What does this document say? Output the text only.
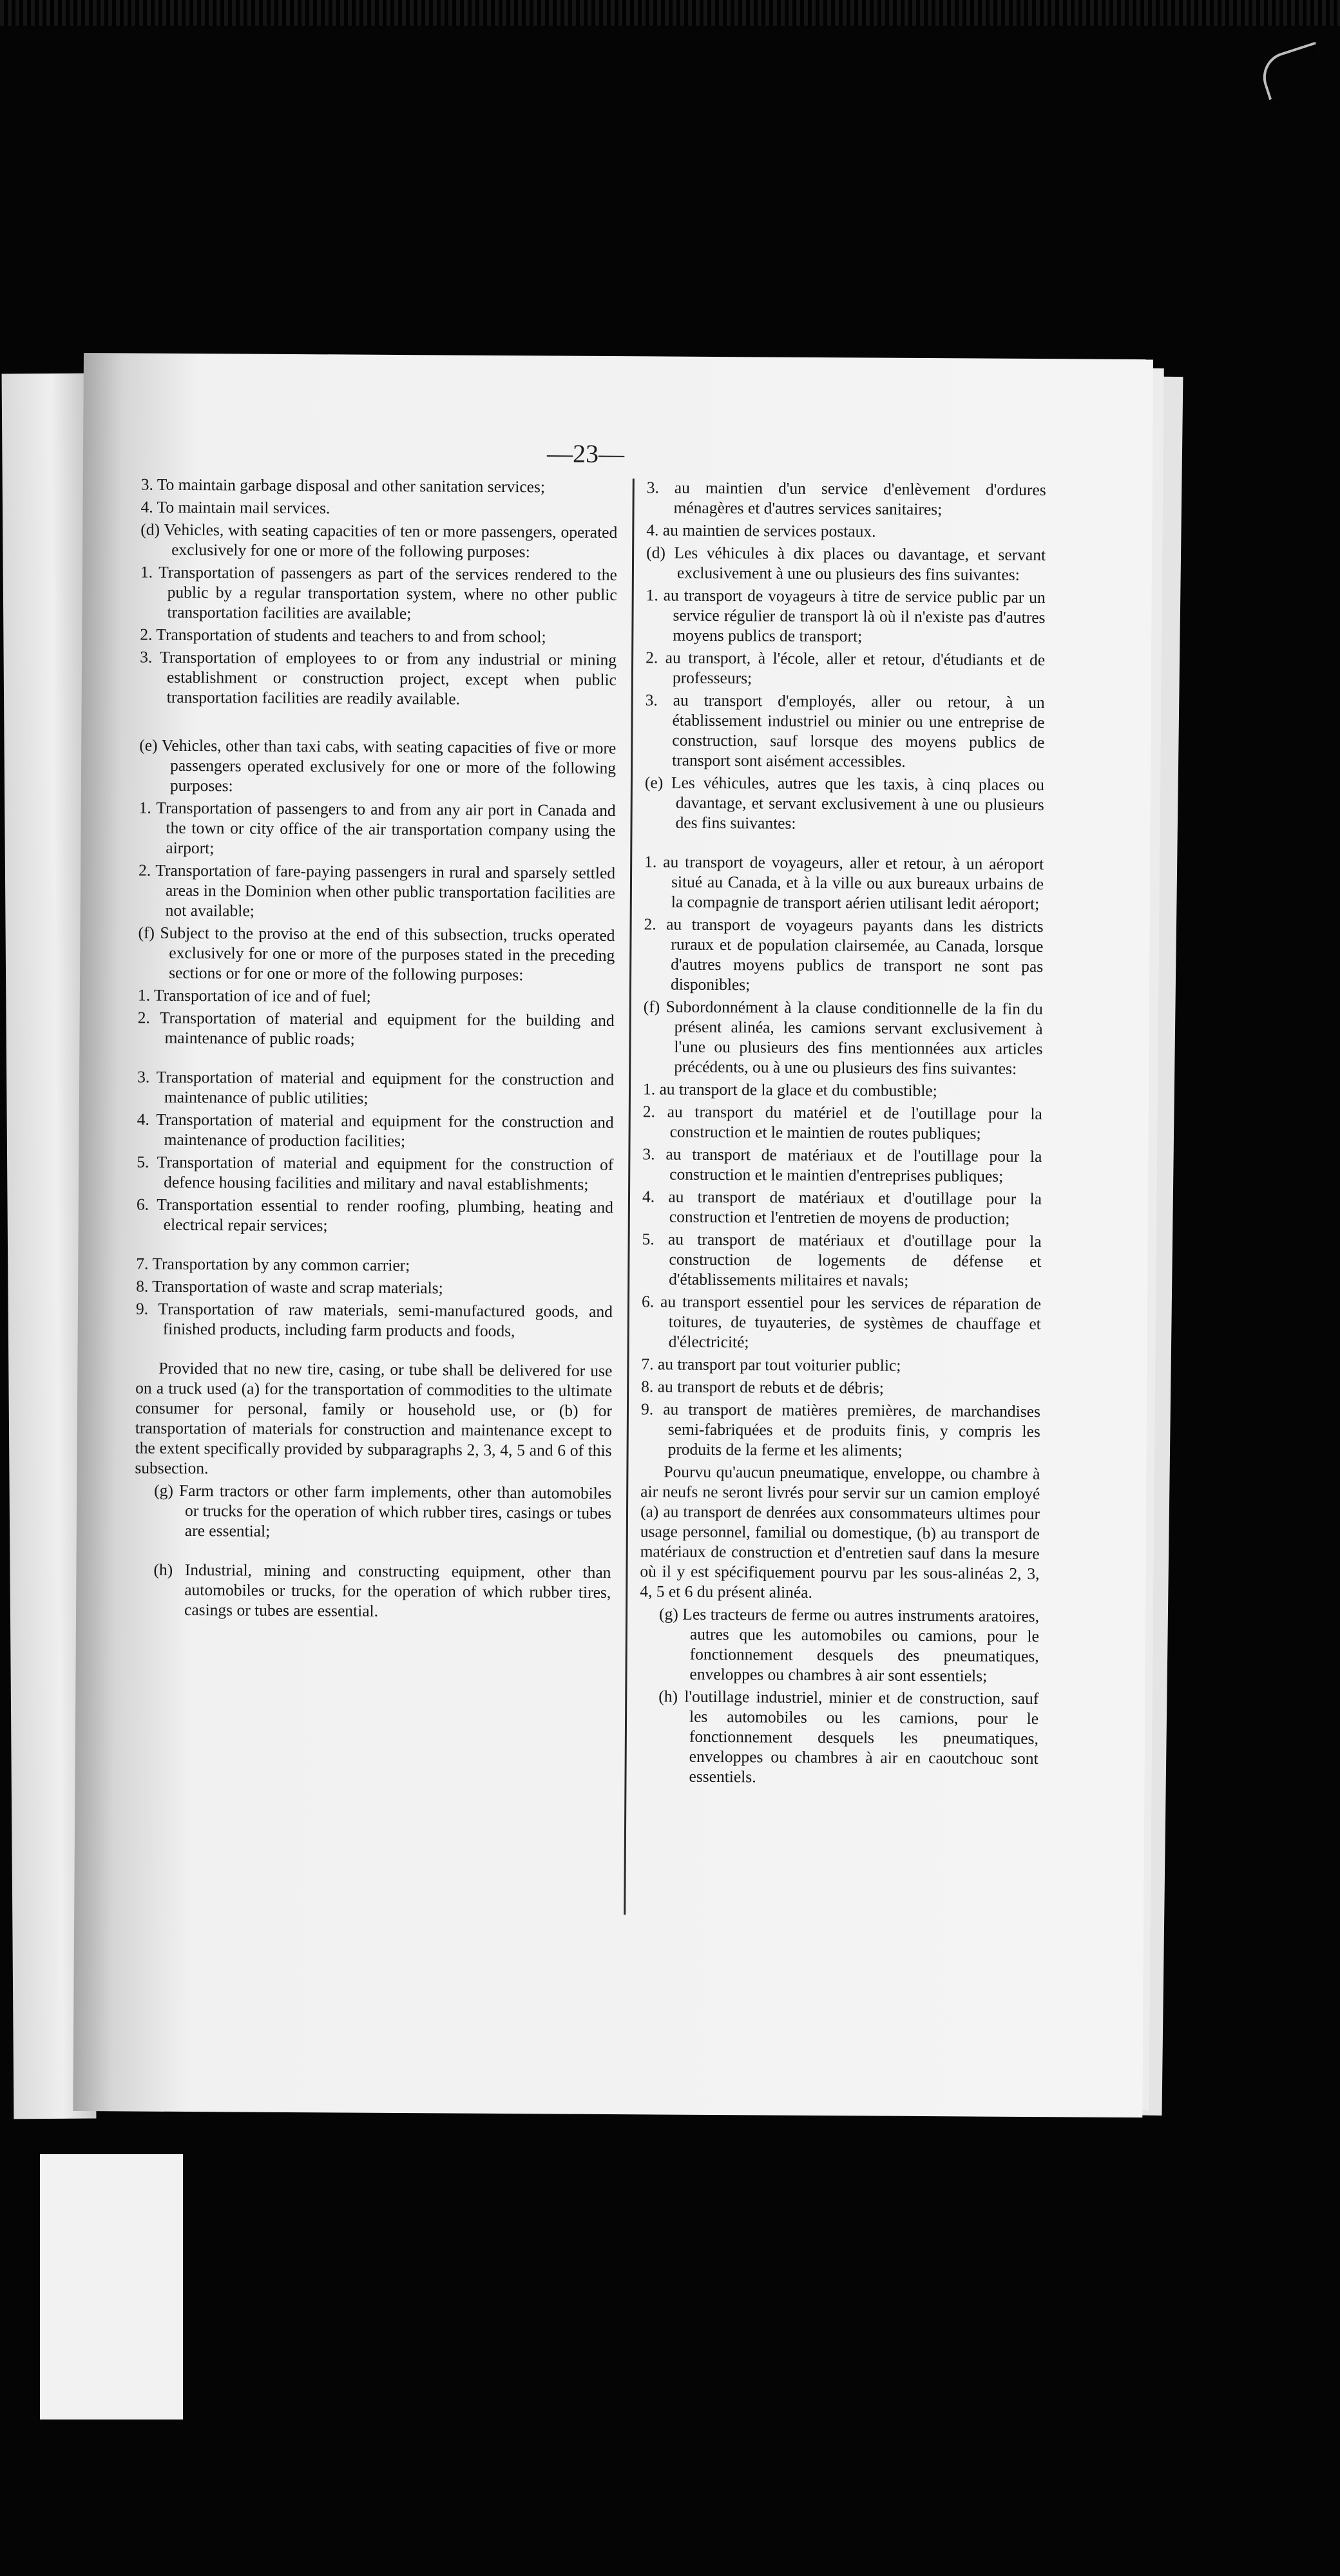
—23—
3. To maintain garbage disposal and other sanitation services;
4. To maintain mail services.
(d) Vehicles, with seating capacities of ten or more passengers, operated exclusively for one or more of the following purposes:
1. Transportation of passengers as part of the services rendered to the public by a regular transportation system, where no other public transportation facilities are available;
2. Transportation of students and teachers to and from school;
3. Transportation of employees to or from any industrial or mining establishment or construction project, except when public transportation facilities are readily available.
(e) Vehicles, other than taxi cabs, with seating capacities of five or more passengers operated exclusively for one or more of the following purposes:
1. Transportation of passengers to and from any air port in Canada and the town or city office of the air transportation company using the airport;
2. Transportation of fare-paying passengers in rural and sparsely settled areas in the Dominion when other public transportation facilities are not available;
(f) Subject to the proviso at the end of this subsection, trucks operated exclusively for one or more of the purposes stated in the preceding sections or for one or more of the following purposes:
1. Transportation of ice and of fuel;
2. Transportation of material and equipment for the building and maintenance of public roads;
3. Transportation of material and equipment for the construction and maintenance of public utilities;
4. Transportation of material and equipment for the construction and maintenance of production facilities;
5. Transportation of material and equipment for the construction of defence housing facilities and military and naval establishments;
6. Transportation essential to render roofing, plumbing, heating and electrical repair services;
7. Transportation by any common carrier;
8. Transportation of waste and scrap materials;
9. Transportation of raw materials, semi-manufactured goods, and finished products, including farm products and foods,
Provided that no new tire, casing, or tube shall be delivered for use on a truck used (a) for the transportation of commodities to the ultimate consumer for personal, family or household use, or (b) for transportation of materials for construction and maintenance except to the extent specifically provided by subparagraphs 2, 3, 4, 5 and 6 of this subsection.
(g) Farm tractors or other farm implements, other than automobiles or trucks for the operation of which rubber tires, casings or tubes are essential;
(h) Industrial, mining and constructing equipment, other than automobiles or trucks, for the operation of which rubber tires, casings or tubes are essential.
3. au maintien d'un service d'enlèvement d'ordures ménagères et d'autres services sanitaires;
4. au maintien de services postaux.
(d) Les véhicules à dix places ou davantage, et servant exclusivement à une ou plusieurs des fins suivantes:
1. au transport de voyageurs à titre de service public par un service régulier de transport là où il n'existe pas d'autres moyens publics de transport;
2. au transport, à l'école, aller et retour, d'étudiants et de professeurs;
3. au transport d'employés, aller ou retour, à un établissement industriel ou minier ou une entreprise de construction, sauf lorsque des moyens publics de transport sont aisément accessibles.
(e) Les véhicules, autres que les taxis, à cinq places ou davantage, et servant exclusivement à une ou plusieurs des fins suivantes:
1. au transport de voyageurs, aller et retour, à un aéroport situé au Canada, et à la ville ou aux bureaux urbains de la compagnie de transport aérien utilisant ledit aéroport;
2. au transport de voyageurs payants dans les districts ruraux et de population clairsemée, au Canada, lorsque d'autres moyens publics de transport ne sont pas disponibles;
(f) Subordonnément à la clause conditionnelle de la fin du présent alinéa, les camions servant exclusivement à l'une ou plusieurs des fins mentionnées aux articles précédents, ou à une ou plusieurs des fins suivantes:
1. au transport de la glace et du combustible;
2. au transport du matériel et de l'outillage pour la construction et le maintien de routes publiques;
3. au transport de matériaux et de l'outillage pour la construction et le maintien d'entreprises publiques;
4. au transport de matériaux et d'outillage pour la construction et l'entretien de moyens de production;
5. au transport de matériaux et d'outillage pour la construction de logements de défense et d'établissements militaires et navals;
6. au transport essentiel pour les services de réparation de toitures, de tuyauteries, de systèmes de chauffage et d'électricité;
7. au transport par tout voiturier public;
8. au transport de rebuts et de débris;
9. au transport de matières premières, de marchandises semi-fabriquées et de produits finis, y compris les produits de la ferme et les aliments;
Pourvu qu'aucun pneumatique, enveloppe, ou chambre à air neufs ne seront livrés pour servir sur un camion employé (a) au transport de denrées aux consommateurs ultimes pour usage personnel, familial ou domestique, (b) au transport de matériaux de construction et d'entretien sauf dans la mesure où il y est spécifiquement pourvu par les sous-alinéas 2, 3, 4, 5 et 6 du présent alinéa.
(g) Les tracteurs de ferme ou autres instruments aratoires, autres que les automobiles ou camions, pour le fonctionnement desquels des pneumatiques, enveloppes ou chambres à air sont essentiels;
(h) l'outillage industriel, minier et de construction, sauf les automobiles ou les camions, pour le fonctionnement desquels les pneumatiques, enveloppes ou chambres à air en caoutchouc sont essentiels.
